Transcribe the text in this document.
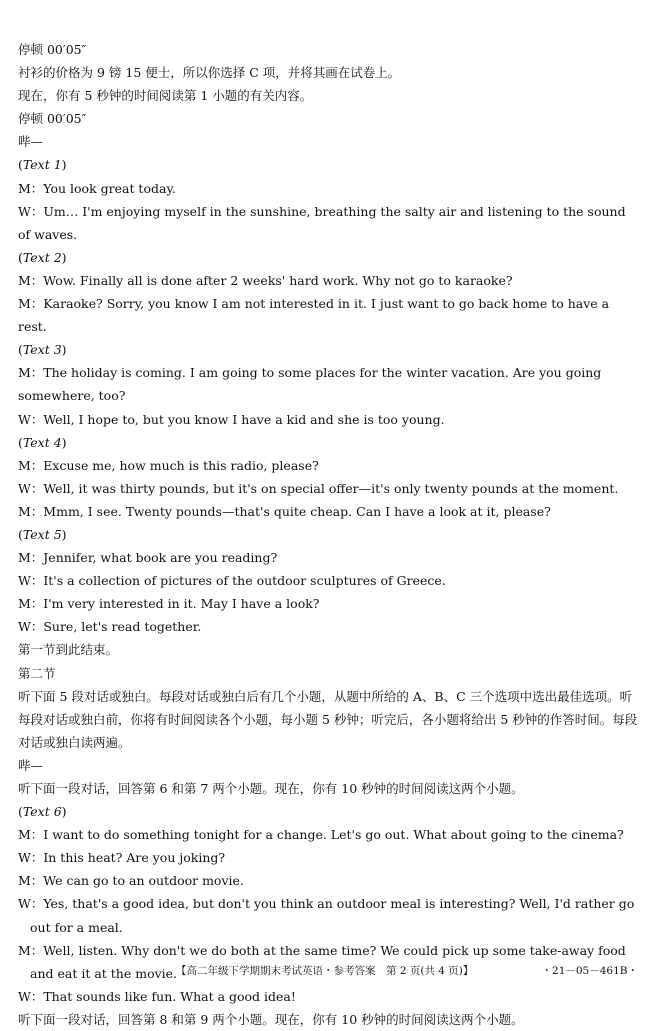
停顿 00′05″
衬衫的价格为 9 镑 15 便士，所以你选择 C 项，并将其画在试卷上。
现在，你有 5 秒钟的时间阅读第 1 小题的有关内容。
停顿 00′05″
哔—
(Text 1)
M：You look great today.
W：Um… I'm enjoying myself in the sunshine, breathing the salty air and listening to the sound of waves.
(Text 2)
M：Wow. Finally all is done after 2 weeks' hard work. Why not go to karaoke?
M：Karaoke? Sorry, you know I am not interested in it. I just want to go back home to have a rest.
(Text 3)
M：The holiday is coming. I am going to some places for the winter vacation. Are you going somewhere, too?
W：Well, I hope to, but you know I have a kid and she is too young.
(Text 4)
M：Excuse me, how much is this radio, please?
W：Well, it was thirty pounds, but it's on special offer—it's only twenty pounds at the moment.
M：Mmm, I see. Twenty pounds—that's quite cheap. Can I have a look at it, please?
(Text 5)
M：Jennifer, what book are you reading?
W：It's a collection of pictures of the outdoor sculptures of Greece.
M：I'm very interested in it. May I have a look?
W：Sure, let's read together.
第一节到此结束。
第二节
听下面 5 段对话或独白。每段对话或独白后有几个小题，从题中所给的 A、B、C 三个选项中选出最佳选项。听每段对话或独白前，你将有时间阅读各个小题，每小题 5 秒钟；听完后，各小题将给出 5 秒钟的作答时间。每段对话或独白读两遍。
哔—
听下面一段对话，回答第 6 和第 7 两个小题。现在，你有 10 秒钟的时间阅读这两个小题。
(Text 6)
M：I want to do something tonight for a change. Let's go out. What about going to the cinema?
W：In this heat? Are you joking?
M：We can go to an outdoor movie.
W：Yes, that's a good idea, but don't you think an outdoor meal is interesting? Well, I'd rather go out for a meal.
M：Well, listen. Why don't we do both at the same time? We could pick up some take-away food and eat it at the movie.
W：That sounds like fun. What a good idea!
听下面一段对话，回答第 8 和第 9 两个小题。现在，你有 10 秒钟的时间阅读这两个小题。
【高二年级下学期期末考试英语・参考答案　第 2 页(共 4 页)】	・21－05－461B・
